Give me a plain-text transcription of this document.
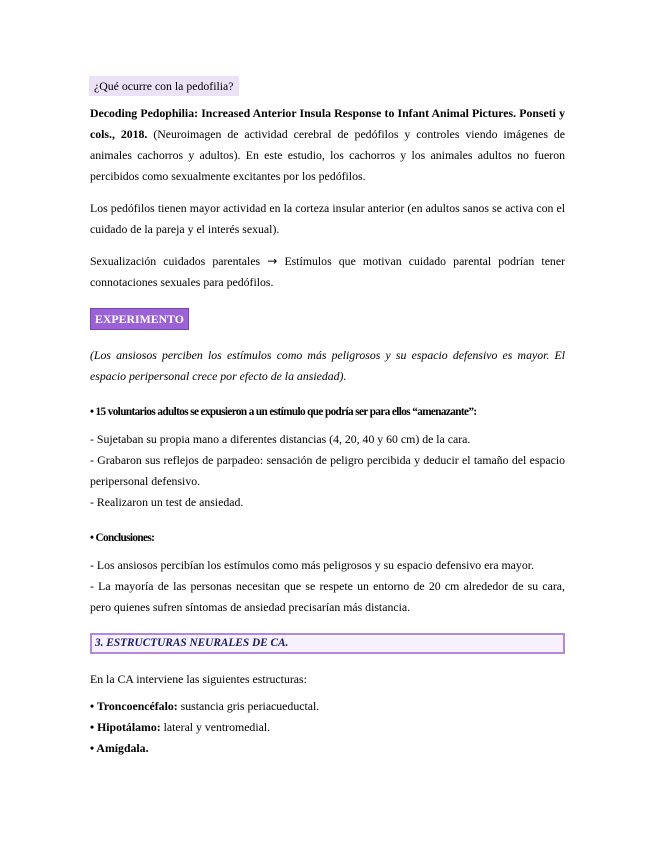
¿Qué ocurre con la pedofilia?

Decoding Pedophilia: Increased Anterior Insula Response to Infant Animal Pictures. Ponseti y cols., 2018. (Neuroimagen de actividad cerebral de pedófilos y controles viendo imágenes de animales cachorros y adultos). En este estudio, los cachorros y los animales adultos no fueron percibidos como sexualmente excitantes por los pedófilos.

Los pedófilos tienen mayor actividad en la corteza insular anterior (en adultos sanos se activa con el cuidado de la pareja y el interés sexual).

Sexualización cuidados parentales → Estímulos que motivan cuidado parental podrían tener connotaciones sexuales para pedófilos.

EXPERIMENTO

(Los ansiosos perciben los estímulos como más peligrosos y su espacio defensivo es mayor. El espacio peripersonal crece por efecto de la ansiedad).

• 15 voluntarios adultos se expusieron a un estímulo que podría ser para ellos “amenazante”:

- Sujetaban su propia mano a diferentes distancias (4, 20, 40 y 60 cm) de la cara.

- Grabaron sus reflejos de parpadeo: sensación de peligro percibida y deducir el tamaño del espacio peripersonal defensivo.

- Realizaron un test de ansiedad.

• Conclusiones:

- Los ansiosos percibían los estímulos como más peligrosos y su espacio defensivo era mayor.

- La mayoría de las personas necesitan que se respete un entorno de 20 cm alrededor de su cara, pero quienes sufren síntomas de ansiedad precisarían más distancia.

3. ESTRUCTURAS NEURALES DE CA.

En la CA interviene las siguientes estructuras:

• Troncoencéfalo: sustancia gris periacueductal.

• Hipotálamo: lateral y ventromedial.

• Amígdala.
